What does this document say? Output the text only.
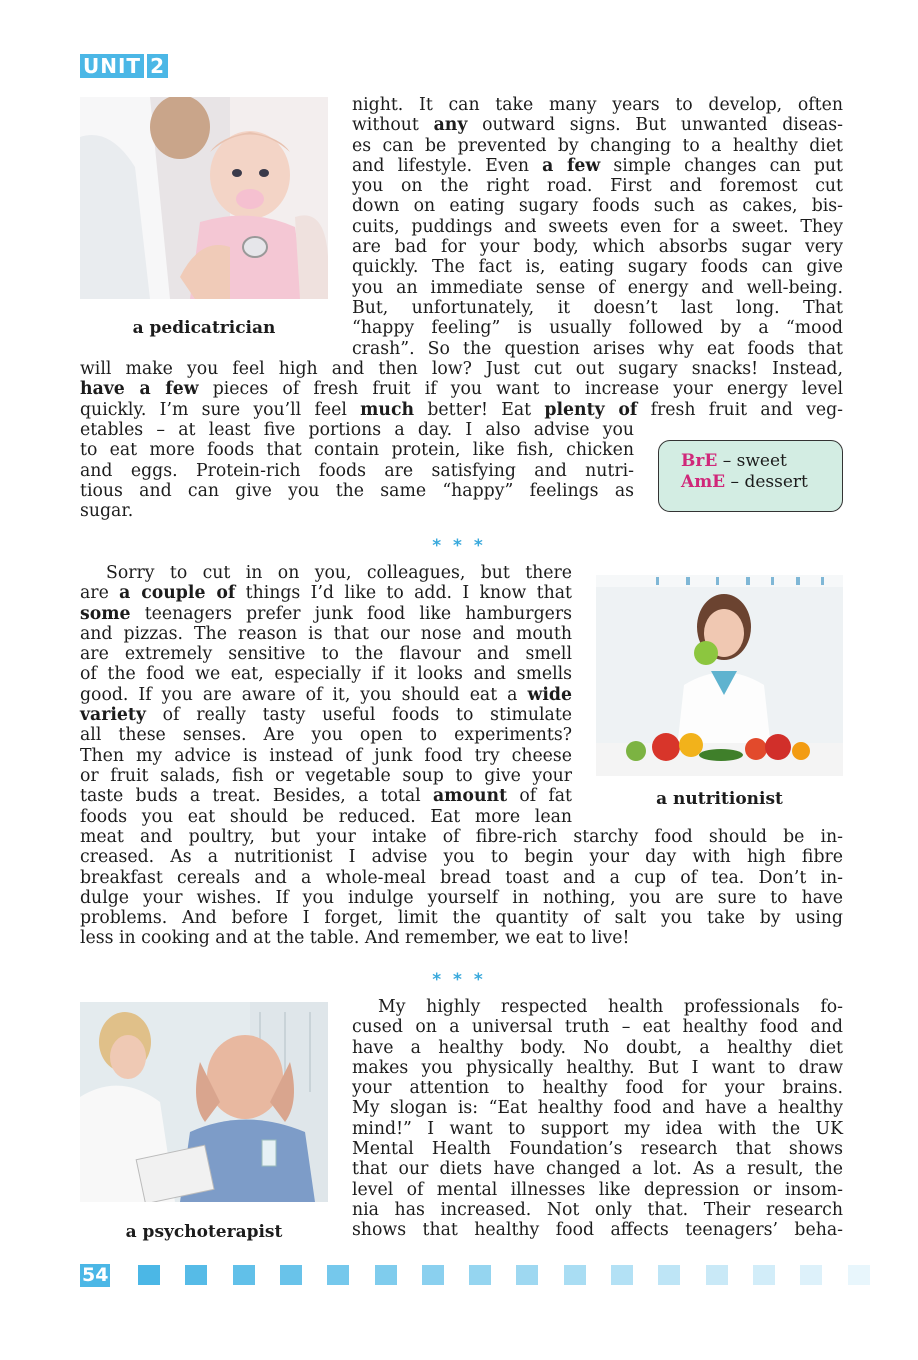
UNIT 2
a pedicatrician
night. It can take many years to develop, often
without any outward signs. But unwanted diseas-
es can be prevented by changing to a healthy diet
and lifestyle. Even a few simple changes can put
you on the right road. First and foremost cut
down on eating sugary foods such as cakes, bis-
cuits, puddings and sweets even for a sweet. They
are bad for your body, which absorbs sugar very
quickly. The fact is, eating sugary foods can give
you an immediate sense of energy and well-being.
But, unfortunately, it doesn’t last long. That
“happy feeling” is usually followed by a “mood
crash”. So the question arises why eat foods that
will make you feel high and then low? Just cut out sugary snacks! Instead,
have a few pieces of fresh fruit if you want to increase your energy level
quickly. I’m sure you’ll feel much better! Eat plenty of fresh fruit and veg-
etables – at least five portions a day. I also advise you
to eat more foods that contain protein, like fish, chicken
and eggs. Protein-rich foods are satisfying and nutri-
tious and can give you the same “happy” feelings as
sugar.
BrE – sweet
AmE – dessert
* * *
Sorry to cut in on you, colleagues, but there
are a couple of things I’d like to add. I know that
some teenagers prefer junk food like hamburgers
and pizzas. The reason is that our nose and mouth
are extremely sensitive to the flavour and smell
of the food we eat, especially if it looks and smells
good. If you are aware of it, you should eat a wide
variety of really tasty useful foods to stimulate
all these senses. Are you open to experiments?
Then my advice is instead of junk food try cheese
or fruit salads, fish or vegetable soup to give your
taste buds a treat. Besides, a total amount of fat
foods you eat should be reduced. Eat more lean
a nutritionist
meat and poultry, but your intake of fibre-rich starchy food should be in-
creased. As a nutritionist I advise you to begin your day with high fibre
breakfast cereals and a whole-meal bread toast and a cup of tea. Don’t in-
dulge your wishes. If you indulge yourself in nothing, you are sure to have
problems. And before I forget, limit the quantity of salt you take by using
less in cooking and at the table. And remember, we eat to live!
* * *
a psychoterapist
My highly respected health professionals fo-
cused on a universal truth – eat healthy food and
have a healthy body. No doubt, a healthy diet
makes you physically healthy. But I want to draw
your attention to healthy food for your brains.
My slogan is: “Eat healthy food and have a healthy
mind!” I want to support my idea with the UK
Mental Health Foundation’s research that shows
that our diets have changed a lot. As a result, the
level of mental illnesses like depression or insom-
nia has increased. Not only that. Their research
shows that healthy food affects teenagers’ beha-
54
